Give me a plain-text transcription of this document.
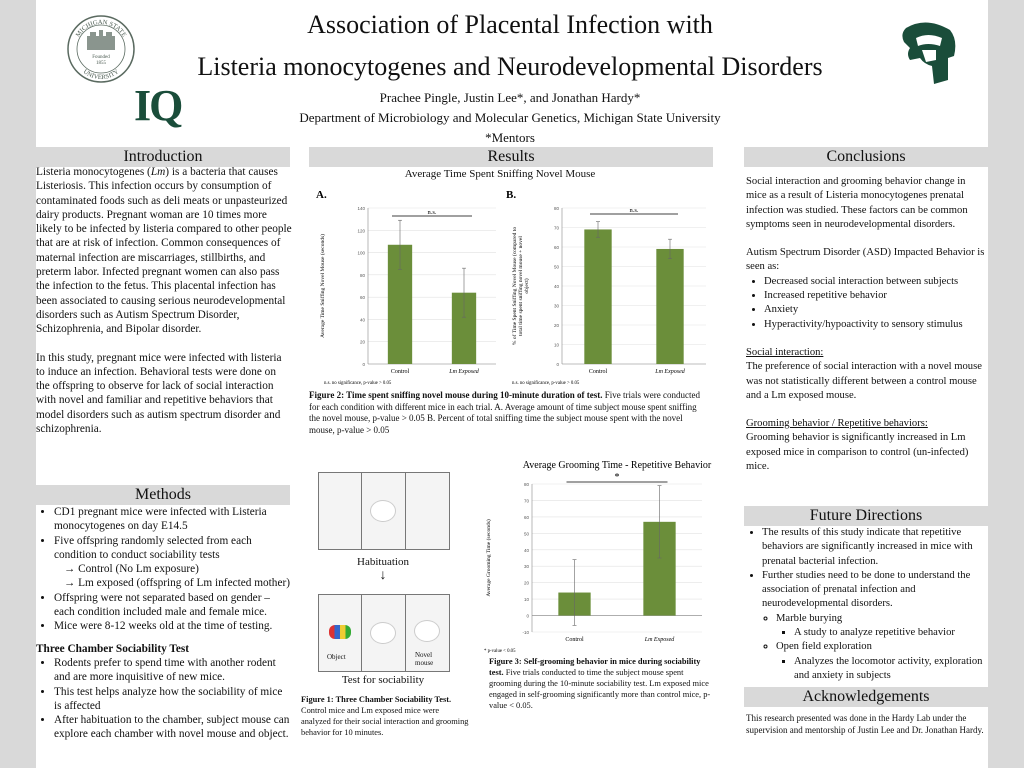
MICHIGAN STATE
UNIVERSITY
Founded
1855
IQ
Association of Placental Infection with
Listeria monocytogenes and Neurodevelopmental Disorders
Prachee Pingle, Justin Lee*, and Jonathan Hardy*
Department of Microbiology and Molecular Genetics, Michigan State University
*Mentors
Introduction	Results	Conclusions
Methods
Future Directions
Acknowledgements
Listeria monocytogenes (Lm) is a bacteria that causes Listeriosis. This infection occurs by consumption of contaminated foods such as deli meats or unpasteurized dairy products. Pregnant woman are 10 times more likely to be infected by listeria compared to other people that are at risk of infection. Common consequences of maternal infection are miscarriages, stillbirths, and preterm labor. Infected pregnant women can also pass the infection to the fetus. This placental infection has been associated to causing serious neurodevelopmental disorders such as Autism Spectrum Disorder, Schizophrenia, and Bipolar disorder.
In this study, pregnant mice were infected with listeria to induce an infection. Behavioral tests were done on the offspring to observe for lack of social interaction with novel and familiar and repetitive behaviors that model disorders such as autism spectrum disorder and schizophrenia.
• CD1 pregnant mice were infected with Listeria monocytogenes on day E14.5
• Five offspring randomly selected from each condition to conduct sociability tests
→ Control (No Lm exposure)
→ Lm exposed (offspring of Lm infected mother)
• Offspring were not separated based on gender – each condition included male and female mice.
• Mice were 8-12 weeks old at the time of testing.
Three Chamber Sociability Test
• Rodents prefer to spend time with another rodent and are more inquisitive of new mice.
• This test helps analyze how the sociability of mice is affected
• After habituation to the chamber, subject mouse can explore each chamber with novel mouse and object.
Average Time Spent Sniffing Novel Mouse
A.
0
20
40
60
80
100
120
140
Control	Lm Exposed
n.s.
Average Time Sniffing Novel Mouse (seconds)
n.s. no significance, p-value > 0.05
B.
0
10
20
30
40
50
60
70
80
Control	Lm Exposed
n.s.
% of Time Spent Sniffing Novel Mouse (compared tototal time spent sniffing novel mouse + novelobject)
n.s. no significance, p-value > 0.05
Figure 2: Time spent sniffing novel mouse during 10-minute duration of test. Five trials were conducted for each condition with different mice in each trial. A. Average amount of time subject mouse spent sniffing the novel mouse, p-value > 0.05 B. Percent of total sniffing time the subject mouse spent with the novel mouse, p-value > 0.05
Habituation
↓
Object	Novel mouse
Test for sociability
Figure 1: Three Chamber Sociability Test. Control mice and Lm exposed mice were analyzed for their social interaction and grooming behavior for 10 minutes.
Average Grooming Time - Repetitive Behavior
-10
0
10
20
30
40
50
60
70
80
Control	Lm Exposed
*
Average Grooming Time (seconds)
* p-value < 0.05
Figure 3: Self-grooming behavior in mice during sociability test. Five trials conducted to time the subject mouse spent grooming during the 10-minute sociability test. Lm exposed mice engaged in self-grooming significantly more than control mice, p-value < 0.05.
Social interaction and grooming behavior change in mice as a result of Listeria monocytogenes prenatal infection was studied. These factors can be common symptoms seen in neurodevelopmental disorders.
Autism Spectrum Disorder (ASD) Impacted Behavior is seen as:
• Decreased social interaction between subjects
• Increased repetitive behavior
• Anxiety
• Hyperactivity/hypoactivity to sensory stimulus
Social interaction:
The preference of social interaction with a novel mouse was not statistically different between a control mouse and a Lm exposed mouse.
Grooming behavior / Repetitive behaviors:
Grooming behavior is significantly increased in Lm exposed mice in comparison to control (un-infected) mice.
• The results of this study indicate that repetitive behaviors are significantly increased in mice with prenatal bacterial infection.
• Further studies need to be done to understand the association of prenatal infection and neurodevelopmental disorders.
◦ Marble burying
▪ A study to analyze repetitive behavior
◦ Open field exploration
▪ Analyzes the locomotor activity, exploration and anxiety in subjects
This research presented was done in the Hardy Lab under the supervision and mentorship of Justin Lee and Dr. Jonathan Hardy.
